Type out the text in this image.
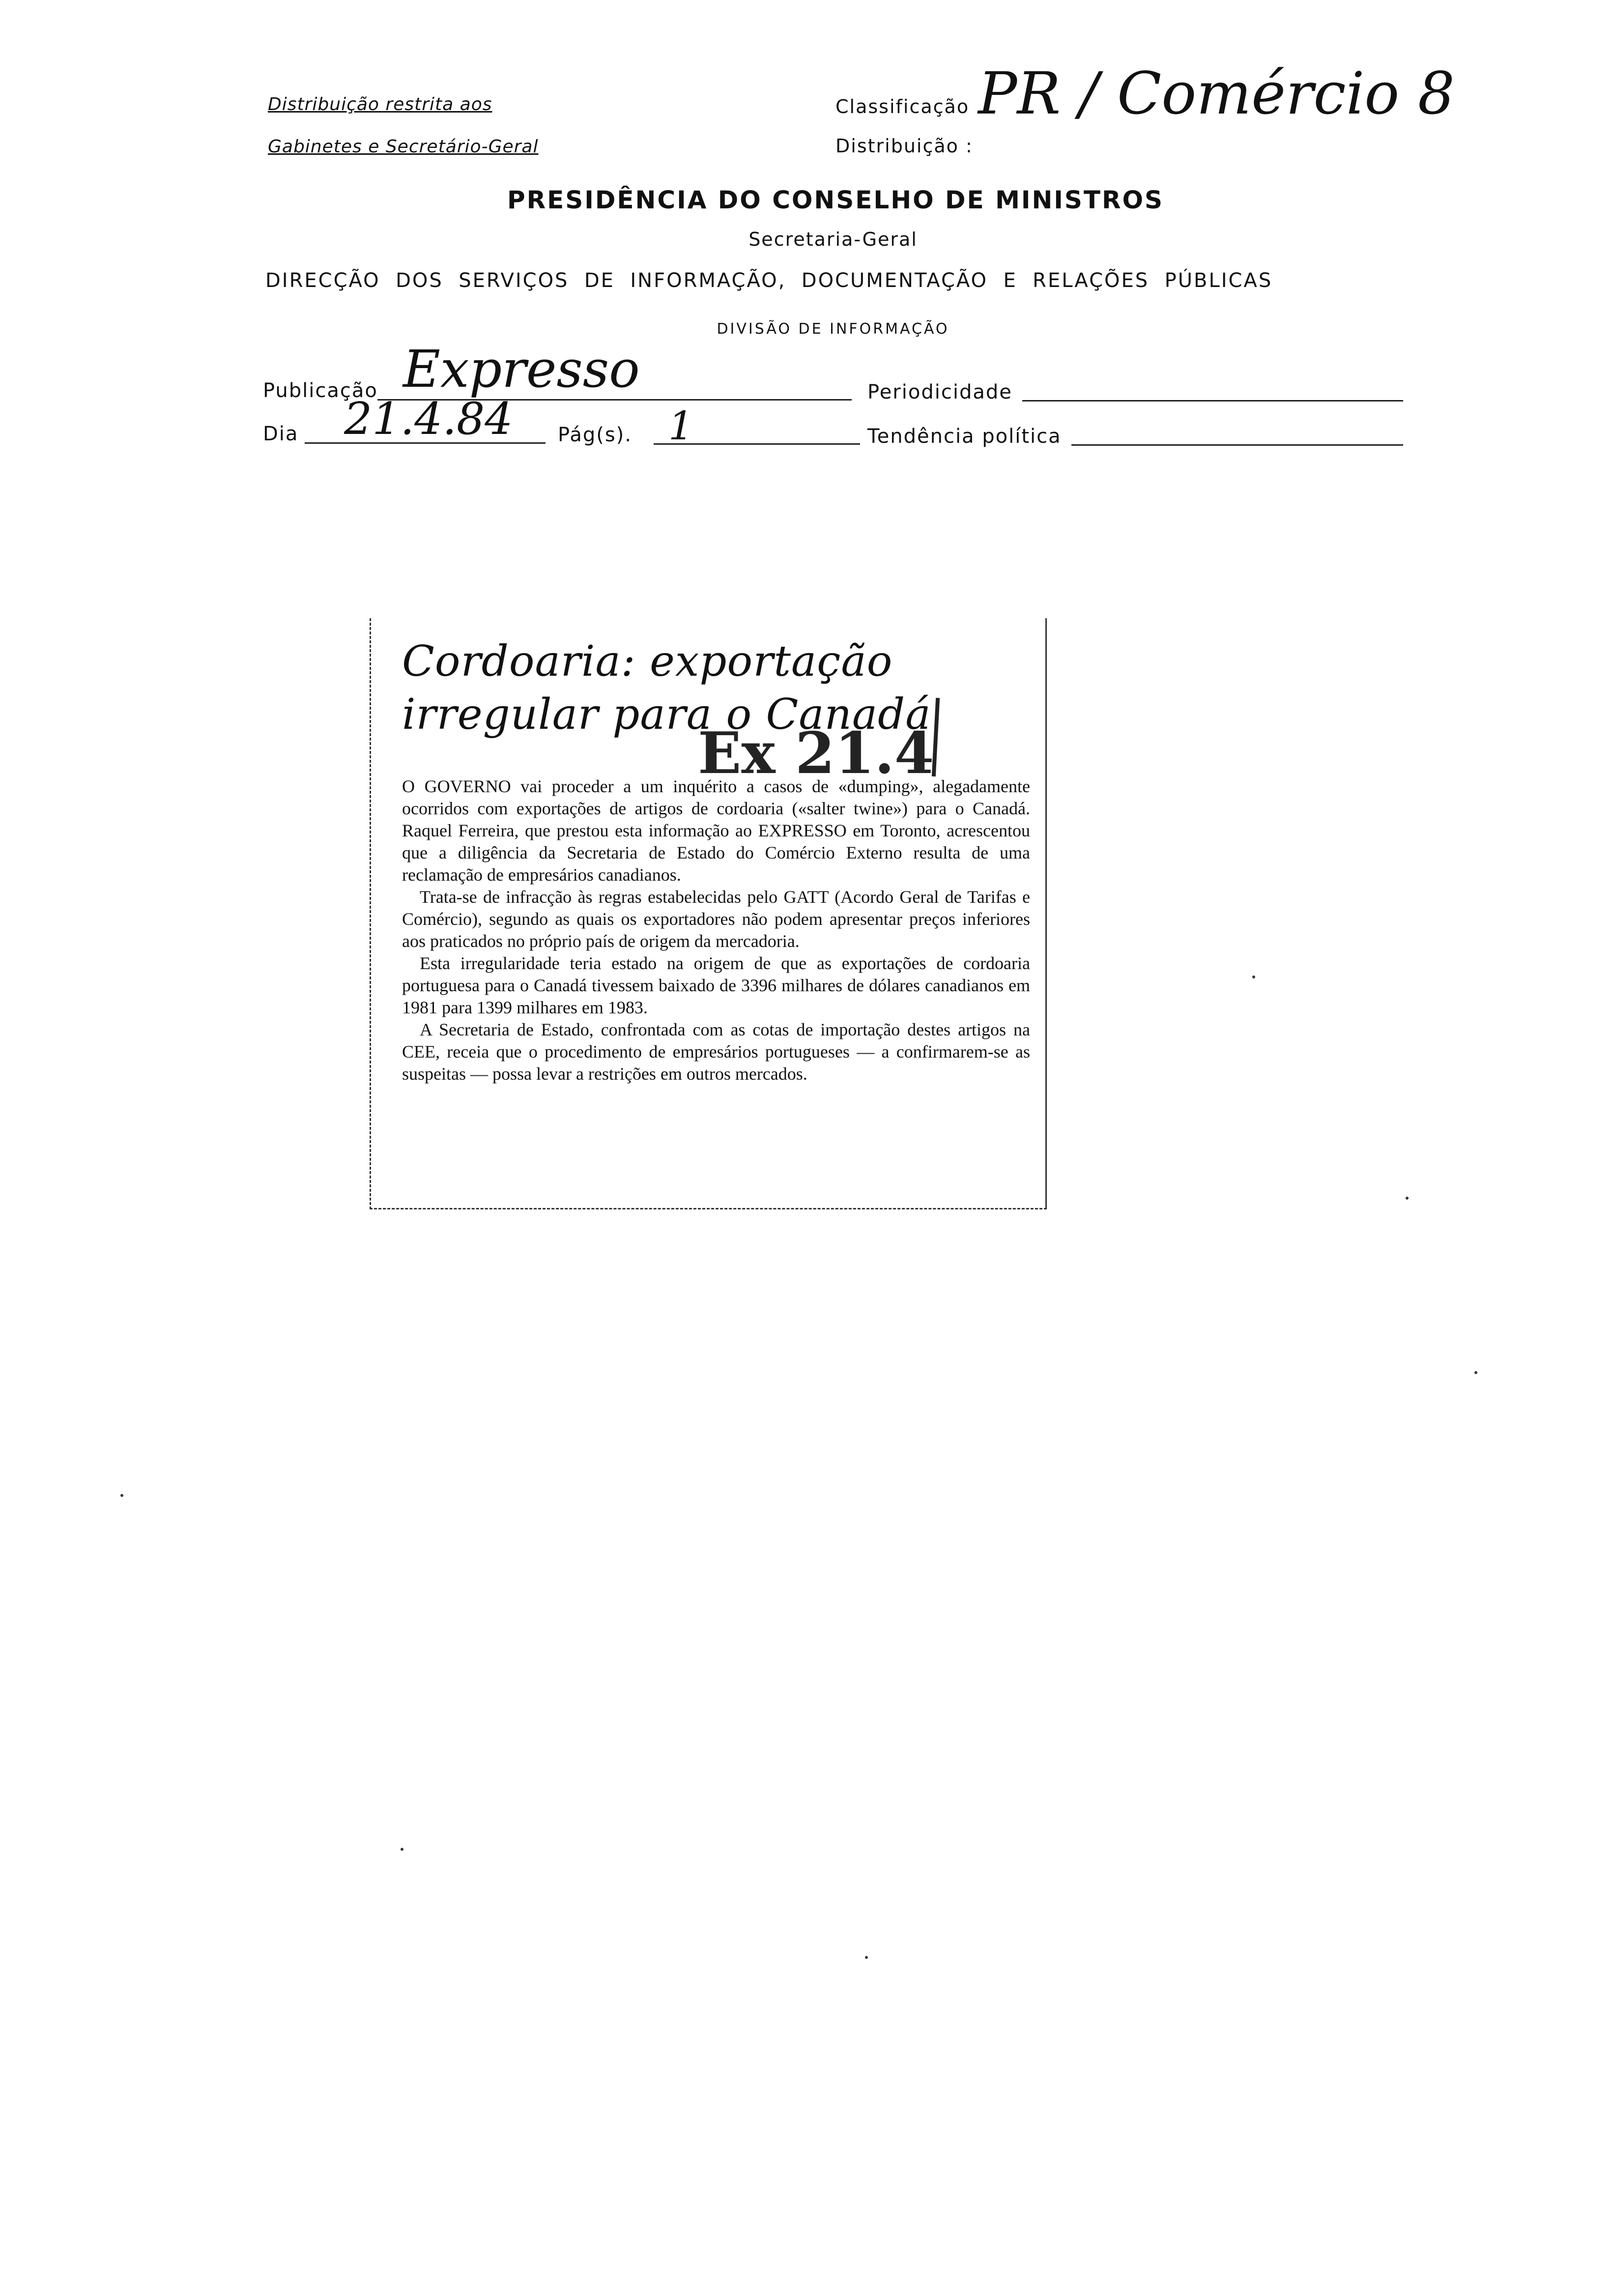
Distribuição restrita aos
Gabinetes e Secretário-Geral
Classificação PR / Comércio 8
Distribuição :
PRESIDÊNCIA DO CONSELHO DE MINISTROS
Secretaria-Geral
DIRECÇÃO  DOS  SERVIÇOS  DE  INFORMAÇÃO,  DOCUMENTAÇÃO  E  RELAÇÕES  PÚBLICAS
DIVISÃO DE INFORMAÇÃO
Publicação Expresso	Periodicidade
Dia 21.4.84 Pág(s). 1	Tendência política
Cordoaria: exportação
irregular para o Canadá
Ex 21.4

O GOVERNO vai proceder a um inquérito a casos de «dumping», alegadamente ocorridos com exportações de artigos de cordoaria («salter twine») para o Canadá. Raquel Ferreira, que prestou esta informação ao EXPRESSO em Toronto, acrescentou que a diligência da Secretaria de Estado do Comércio Externo resulta de uma reclamação de empresários canadianos.

Trata-se de infracção às regras estabelecidas pelo GATT (Acordo Geral de Tarifas e Comércio), segundo as quais os exportadores não podem apresentar preços inferiores aos praticados no próprio país de origem da mercadoria.

Esta irregularidade teria estado na origem de que as exportações de cordoaria portuguesa para o Canadá tivessem baixado de 3396 milhares de dólares canadianos em 1981 para 1399 milhares em 1983.

A Secretaria de Estado, confrontada com as cotas de importação destes artigos na CEE, receia que o procedimento de empresários portugueses — a confirmarem-se as suspeitas — possa levar a restrições em outros mercados.
